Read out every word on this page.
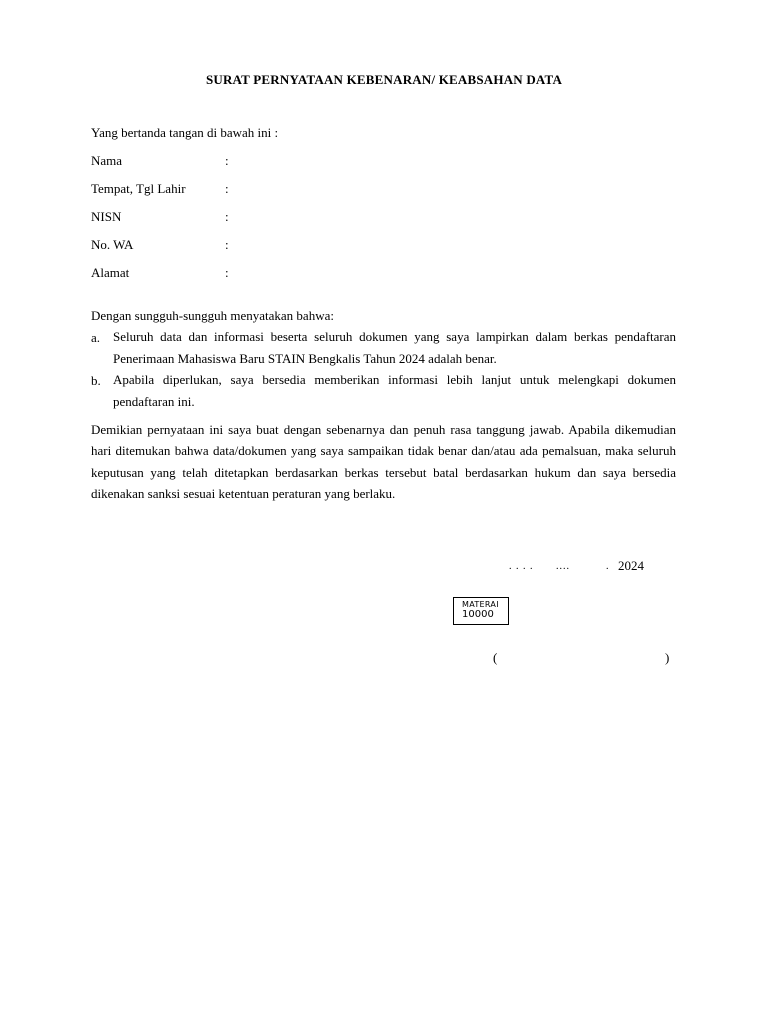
SURAT PERNYATAAN KEBENARAN/ KEABSAHAN DATA
Yang bertanda tangan di bawah ini :
Nama	:
Tempat, Tgl Lahir	:
NISN	:
No. WA	:
Alamat	:
Dengan sungguh-sungguh menyatakan bahwa:
a. Seluruh data dan informasi beserta seluruh dokumen yang saya lampirkan dalam berkas pendaftaran Penerimaan Mahasiswa Baru STAIN Bengkalis Tahun 2024 adalah benar.
b. Apabila diperlukan, saya bersedia memberikan informasi lebih lanjut untuk melengkapi dokumen pendaftaran ini.
Demikian pernyataan ini saya buat dengan sebenarnya dan penuh rasa tanggung jawab. Apabila dikemudian hari ditemukan bahwa data/dokumen yang saya sampaikan tidak benar dan/atau ada pemalsuan, maka seluruh keputusan yang telah ditetapkan berdasarkan berkas tersebut batal berdasarkan hukum dan saya bersedia dikenakan sanksi sesuai ketentuan peraturan yang berlaku.
. . . . ....	. 2024
MATERAI
10000
(	)
